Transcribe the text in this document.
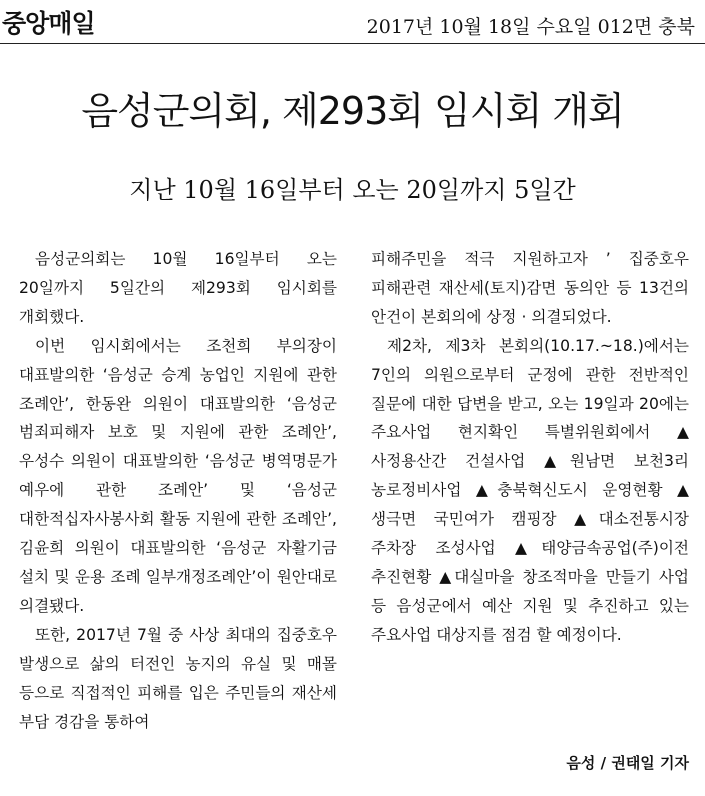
중앙매일	2017년 10월 18일 수요일 012면 충북
음성군의회, 제293회 임시회 개회
지난 10월 16일부터 오는 20일까지 5일간

음성군의회는 10월 16일부터 오는 20일까지 5일간의 제293회 임시회를 개회했다.

이번 임시회에서는 조천희 부의장이 대표발의한 ‘음성군 승계 농업인 지원에 관한 조례안’, 한동완 의원이 대표발의한 ‘음성군 범죄피해자 보호 및 지원에 관한 조례안’, 우성수 의원이 대표발의한 ‘음성군 병역명문가 예우에 관한 조례안’ 및 ‘음성군 대한적십자사봉사회 활동 지원에 관한 조례안’, 김윤희 의원이 대표발의한 ‘음성군 자활기금 설치 및 운용 조례 일부개정조례안’이 원안대로 의결됐다.

또한, 2017년 7월 중 사상 최대의 집중호우 발생으로 삶의 터전인 농지의 유실 및 매몰 등으로 직접적인 피해를 입은 주민들의 재산세 부담 경감을 통하여

피해주민을 적극 지원하고자 ’ 집중호우 피해관련 재산세(토지)감면 동의안 등 13건의 안건이 본회의에 상정 · 의결되었다.

제2차, 제3차 본회의(10.17.~18.)에서는 7인의 의원으로부터 군정에 관한 전반적인 질문에 대한 답변을 받고, 오는 19일과 20에는 주요사업 현지확인 특별위원회에서 ▲사정용산간 건설사업 ▲원남면 보천3리 농로정비사업 ▲충북혁신도시 운영현황 ▲생극면 국민여가 캠핑장 ▲대소전통시장 주차장 조성사업 ▲태양금속공업(주)이전 추진현황 ▲대실마을 창조적마을 만들기 사업 등 음성군에서 예산 지원 및 추진하고 있는 주요사업 대상지를 점검 할 예정이다.

음성 / 권태일 기자
